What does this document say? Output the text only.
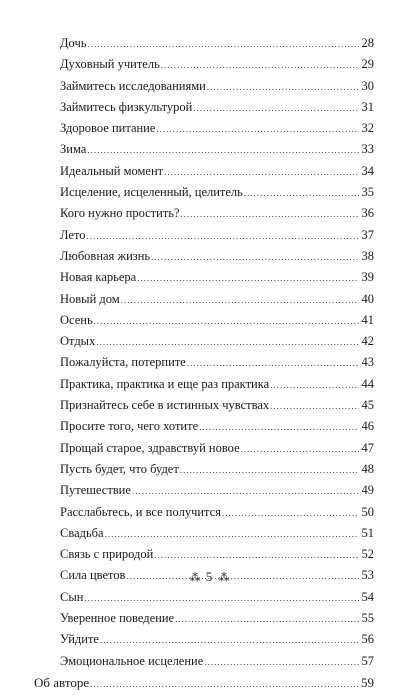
Дочь .....	28
Духовный учитель .....	29
Займитесь исследованиями .....	30
Займитесь физкультурой .....	31
Здоровое питание .....	32
Зима .....	33
Идеальный момент .....	34
Исцеление, исцеленный, целитель .....	35
Кого нужно простить? .....	36
Лето .....	37
Любовная жизнь .....	38
Новая карьера .....	39
Новый дом .....	40
Осень .....	41
Отдых .....	42
Пожалуйста, потерпите .....	43
Практика, практика и еще раз практика .....	44
Признайтесь себе в истинных чувствах .....	45
Просите того, чего хотите .....	46
Прощай старое, здравствуй новое .....	47
Пусть будет, что будет .....	48
Путешествие .....	49
Расслабьтесь, и все получится .....	50
Свадьба .....	51
Связь с природой .....	52
Сила цветов .....	53
Сын .....	54
Уверенное поведение .....	55
Уйдите .....	56
Эмоциональное исцеление .....	57
Об авторе .....	59
⁂ 5 ⁂
